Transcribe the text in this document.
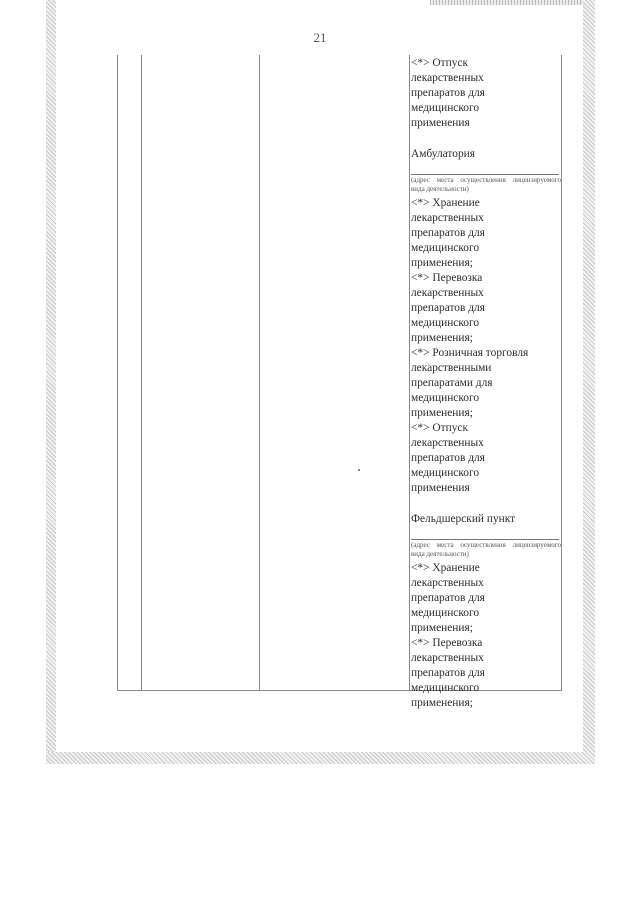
21
<*> Отпуск
лекарственных
препаратов для
медицинского
применения
Амбулатория
(адрес места осуществления лицензируемого вида деятельности)
<*> Хранение
лекарственных
препаратов для
медицинского
применения;
<*> Перевозка
лекарственных
препаратов для
медицинского
применения;
<*> Розничная торговля
лекарственными
препаратами для
медицинского
применения;
<*> Отпуск
лекарственных
препаратов для
медицинского
применения
Фельдшерский пункт
(адрес места осуществления лицензируемого вида деятельности)
<*> Хранение
лекарственных
препаратов для
медицинского
применения;
<*> Перевозка
лекарственных
препаратов для
медицинского
применения;
